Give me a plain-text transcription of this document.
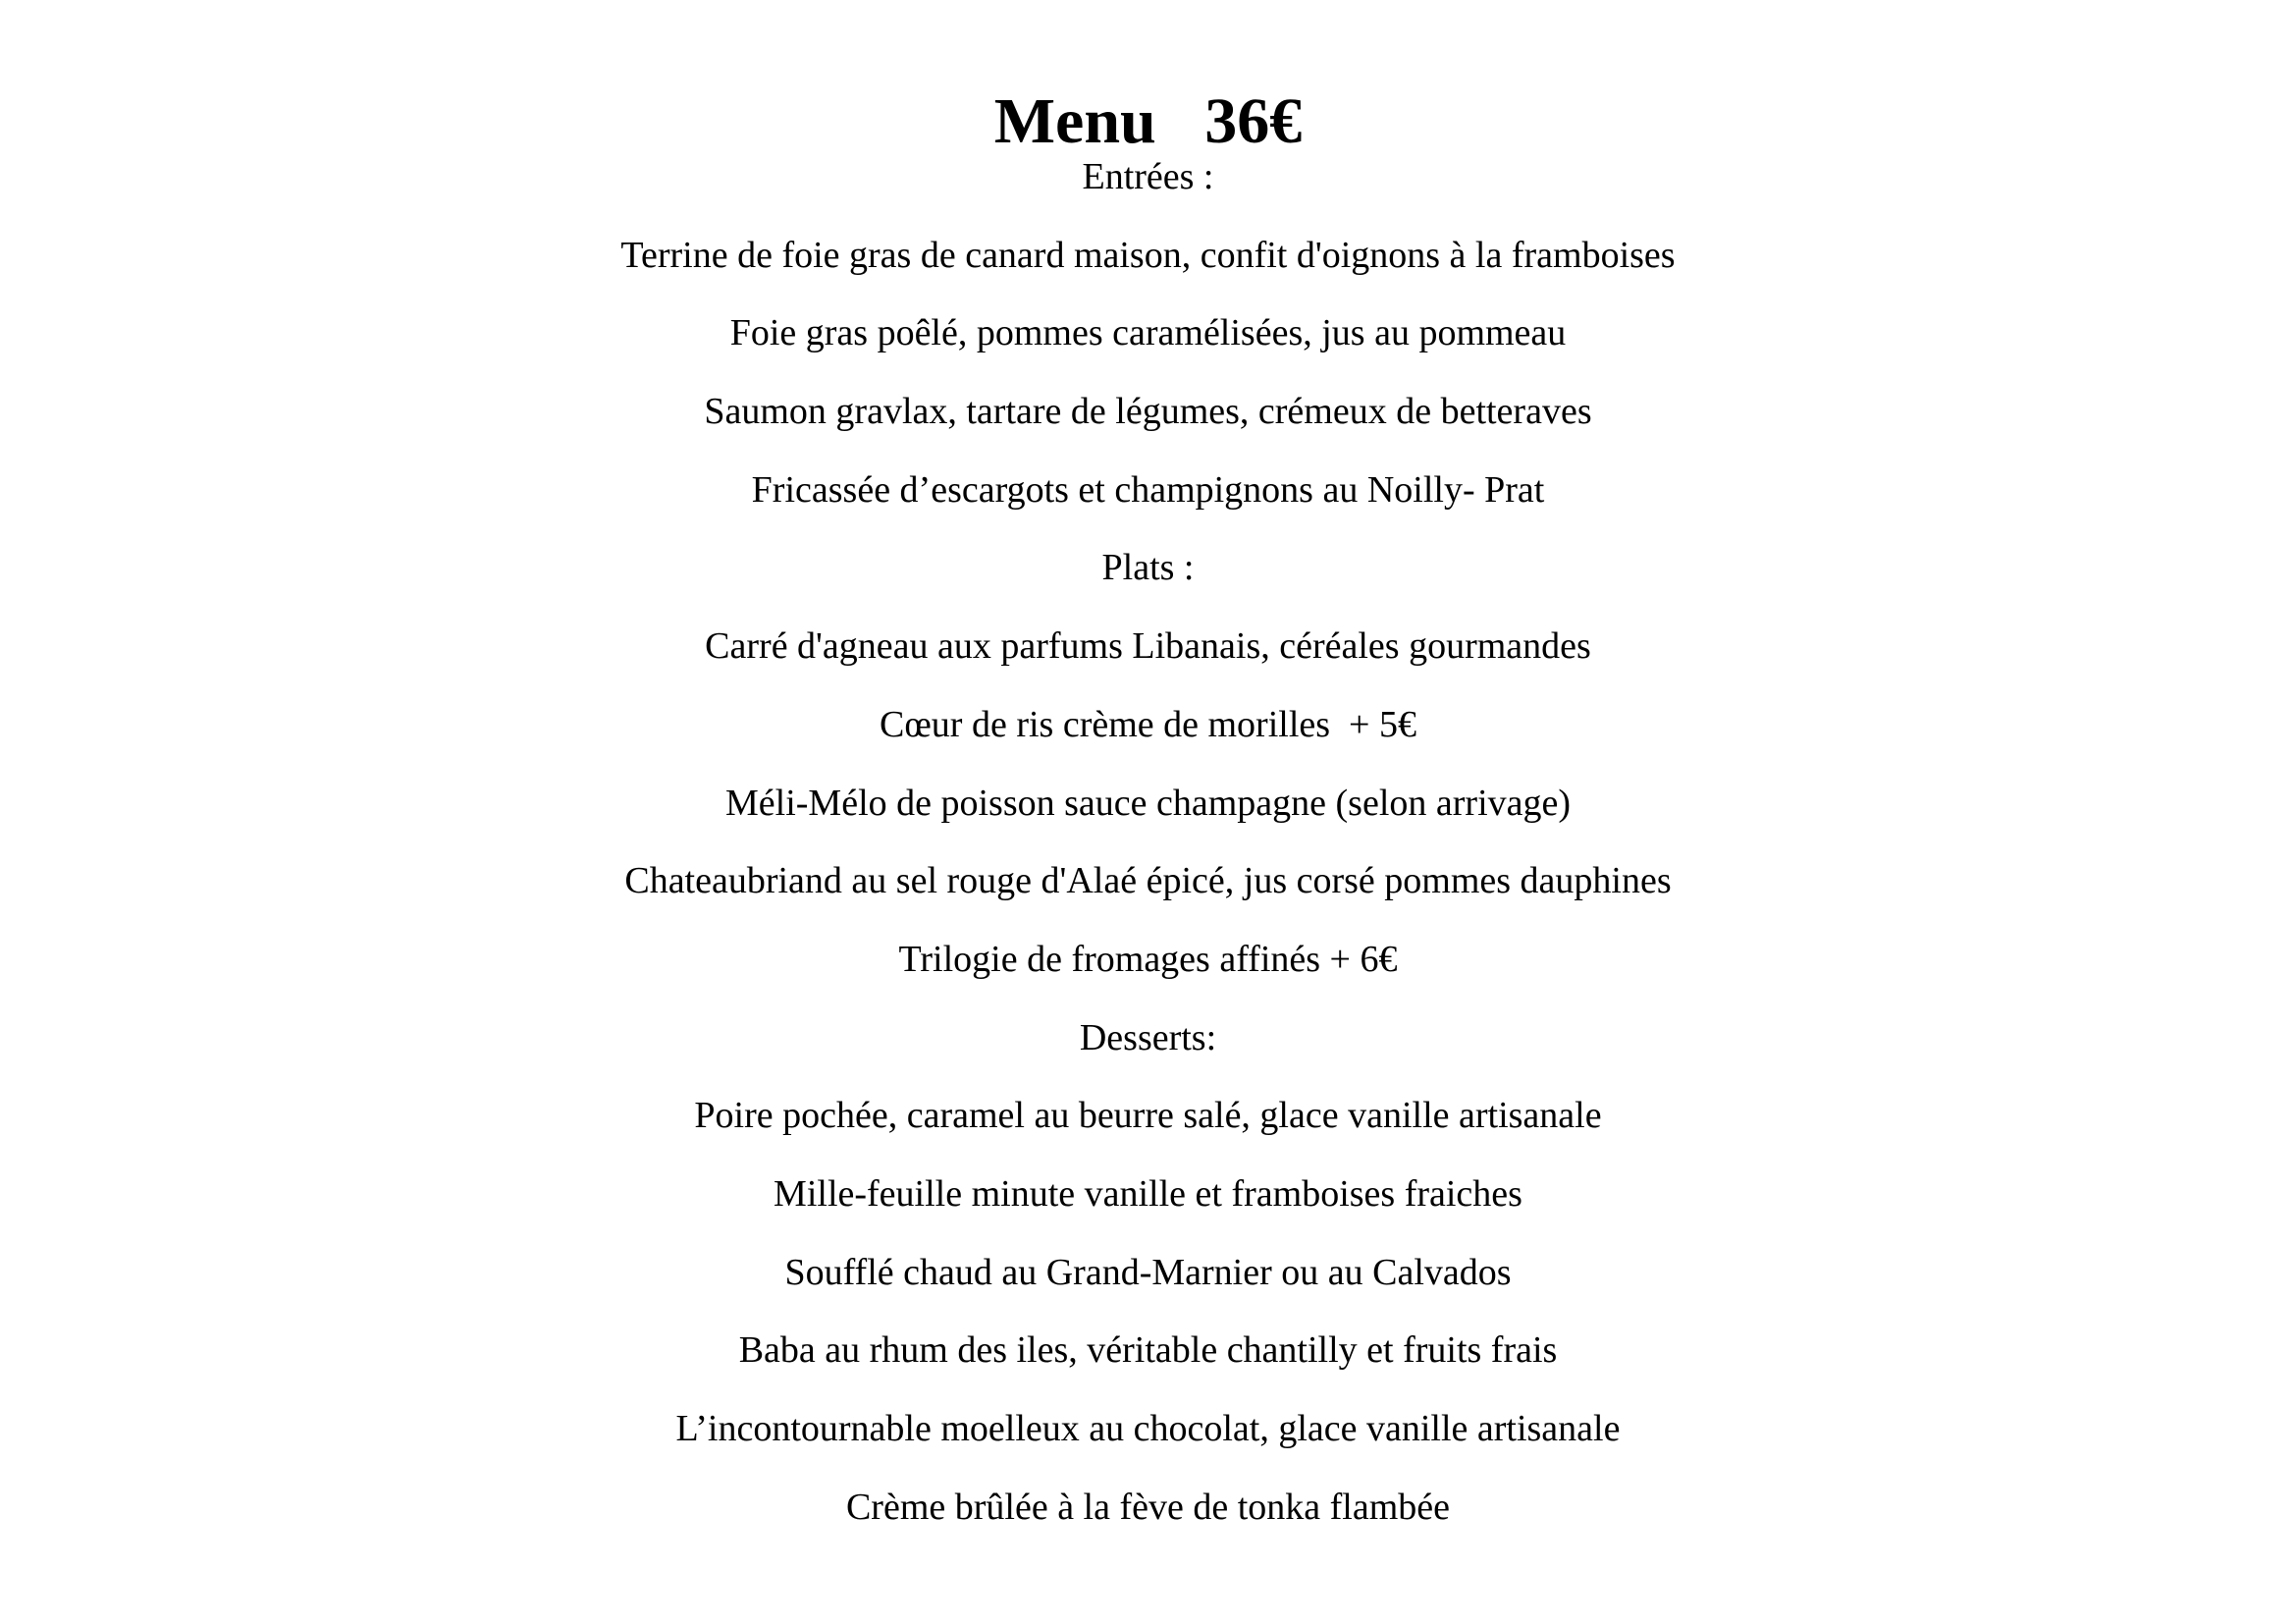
Menu   36€
Entrées :
Terrine de foie gras de canard maison, confit d'oignons à la framboises
Foie gras poêlé, pommes caramélisées, jus au pommeau
Saumon gravlax, tartare de légumes, crémeux de betteraves
Fricassée d’escargots et champignons au Noilly- Prat
Plats :
Carré d'agneau aux parfums Libanais, céréales gourmandes
Cœur de ris crème de morilles  + 5€
Méli-Mélo de poisson sauce champagne (selon arrivage)
Chateaubriand au sel rouge d'Alaé épicé, jus corsé pommes dauphines
Trilogie de fromages affinés + 6€
Desserts:
Poire pochée, caramel au beurre salé, glace vanille artisanale
Mille-feuille minute vanille et framboises fraiches
Soufflé chaud au Grand-Marnier ou au Calvados
Baba au rhum des iles, véritable chantilly et fruits frais
L’incontournable moelleux au chocolat, glace vanille artisanale
Crème brûlée à la fève de tonka flambée
